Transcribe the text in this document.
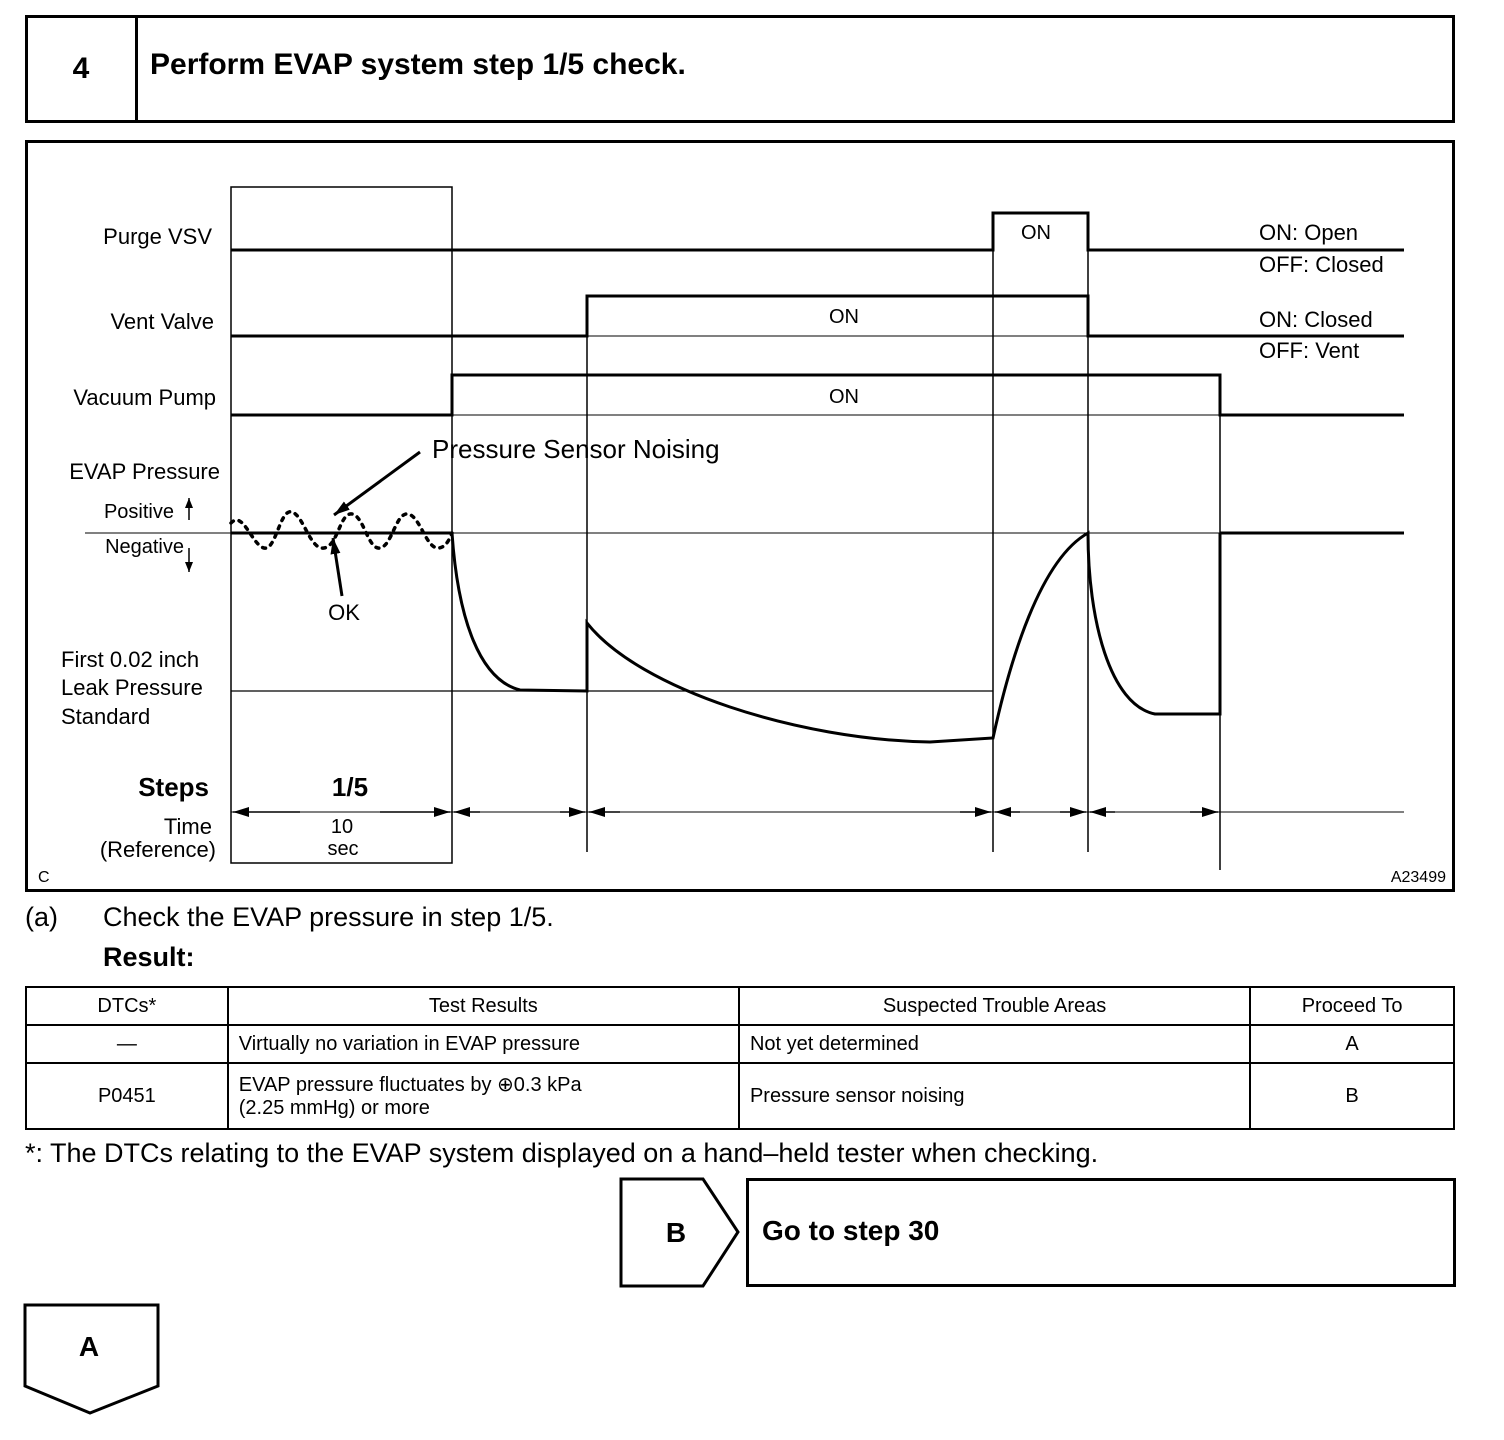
4	Perform EVAP system step 1/5 check.
Purge VSV
Vent Valve
Vacuum Pump
EVAP Pressure
First 0.02 inch
Leak Pressure
Standard
ON: Open
OFF: Closed
ON: Closed
OFF: Vent
Time
(Reference)
Positive
Negative
ON
ON
ON
10
sec
Pressure Sensor Noising
OK
Steps	1/5
C	A23499
(a) Check the EVAP pressure in step 1/5.
Result:
DTCs*	Test Results	Suspected Trouble Areas	Proceed To
—	Virtually no variation in EVAP pressure	Not yet determined	A
P0451	EVAP pressure fluctuates by ⊕0.3 kPa
(2.25 mmHg) or more	Pressure sensor noising	B
*: The DTCs relating to the EVAP system displayed on a hand–held tester when checking.
B	Go to step 30
A
